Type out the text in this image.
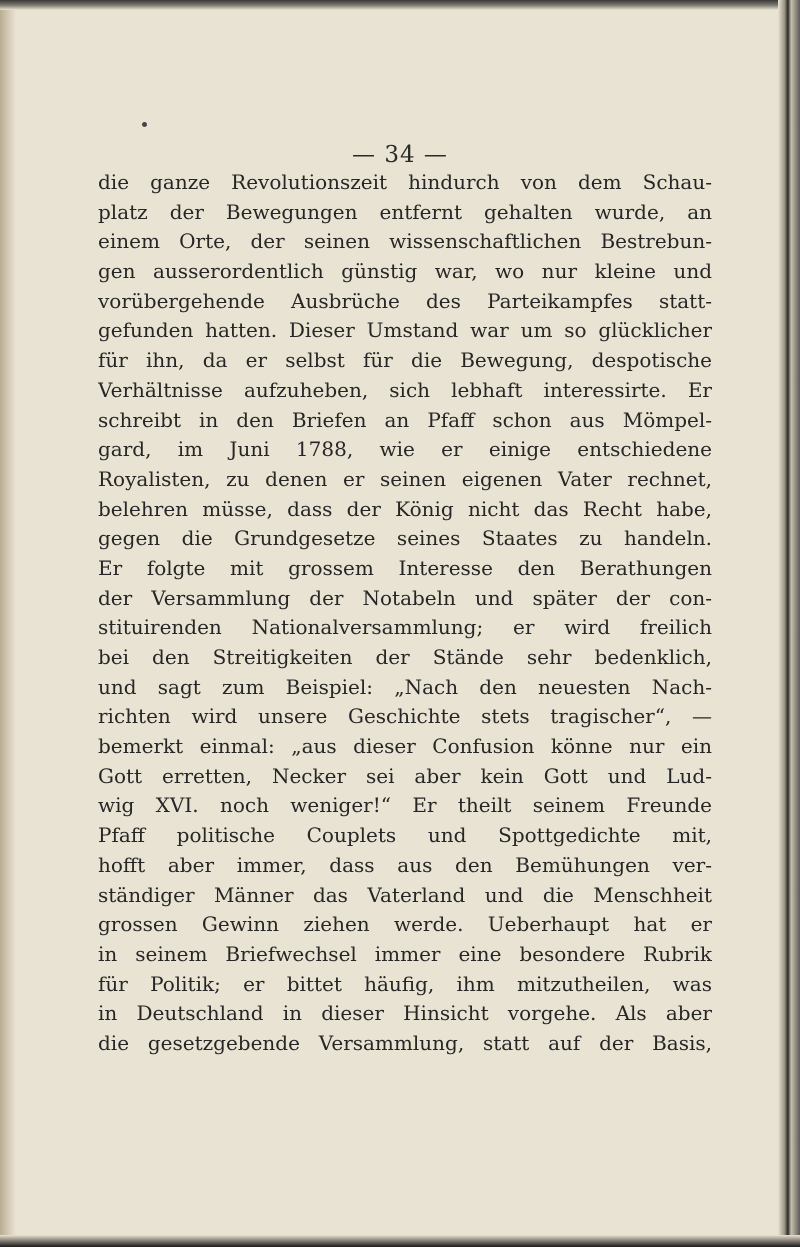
— 34 —
die ganze Revolutionszeit hindurch von dem Schau-
platz der Bewegungen entfernt gehalten wurde, an
einem Orte, der seinen wissenschaftlichen Bestrebun-
gen ausserordentlich günstig war, wo nur kleine und
vorübergehende Ausbrüche des Parteikampfes statt-
gefunden hatten. Dieser Umstand war um so glücklicher
für ihn, da er selbst für die Bewegung, despotische
Verhältnisse aufzuheben, sich lebhaft interessirte. Er
schreibt in den Briefen an Pfaff schon aus Mömpel-
gard, im Juni 1788, wie er einige entschiedene
Royalisten, zu denen er seinen eigenen Vater rechnet,
belehren müsse, dass der König nicht das Recht habe,
gegen die Grundgesetze seines Staates zu handeln.
Er folgte mit grossem Interesse den Berathungen
der Versammlung der Notabeln und später der con-
stituirenden Nationalversammlung; er wird freilich
bei den Streitigkeiten der Stände sehr bedenklich,
und sagt zum Beispiel: „Nach den neuesten Nach-
richten wird unsere Geschichte stets tragischer“, —
bemerkt einmal: „aus dieser Confusion könne nur ein
Gott erretten, Necker sei aber kein Gott und Lud-
wig XVI. noch weniger!“ Er theilt seinem Freunde
Pfaff politische Couplets und Spottgedichte mit,
hofft aber immer, dass aus den Bemühungen ver-
ständiger Männer das Vaterland und die Menschheit
grossen Gewinn ziehen werde. Ueberhaupt hat er
in seinem Briefwechsel immer eine besondere Rubrik
für Politik; er bittet häufig, ihm mitzutheilen, was
in Deutschland in dieser Hinsicht vorgehe. Als aber
die gesetzgebende Versammlung, statt auf der Basis,
